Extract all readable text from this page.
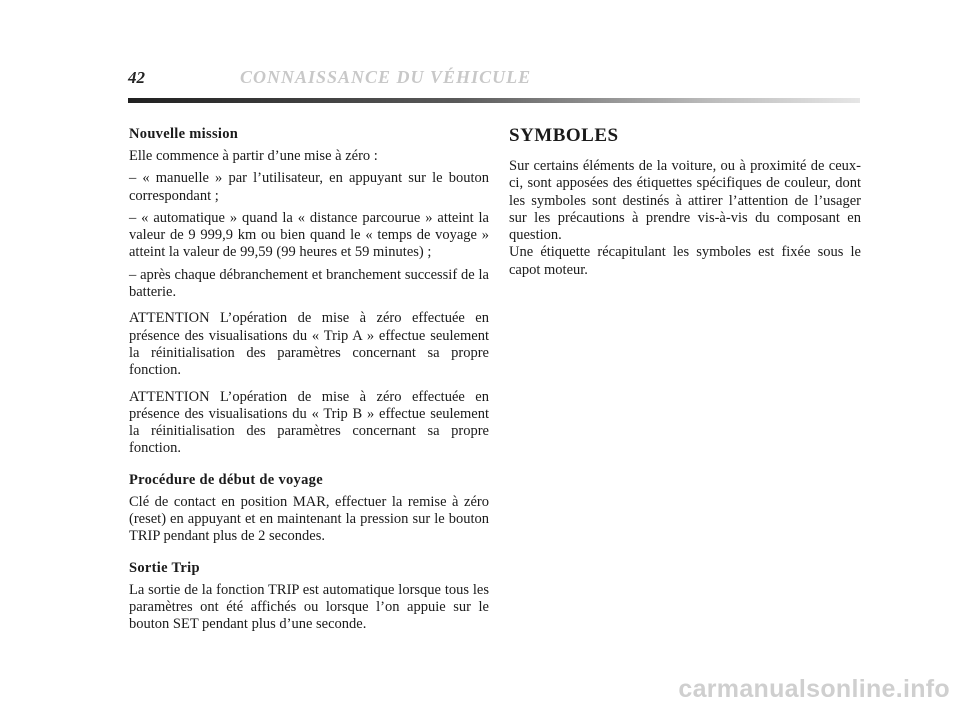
42	CONNAISSANCE DU VÉHICULE
Nouvelle mission

Elle commence à partir d’une mise à zéro :

– « manuelle » par l’utilisateur, en appuyant sur le bouton correspondant ;

– « automatique » quand la « distance parcourue » atteint la valeur de 9 999,9 km ou bien quand le « temps de voyage » atteint la valeur de 99,59 (99 heures et 59 minutes) ;

– après chaque débranchement et branchement successif de la batterie.

ATTENTION L’opération de mise à zéro effectuée en présence des visualisations du « Trip A » effectue seulement la réinitialisation des paramètres concernant sa propre fonction.

ATTENTION L’opération de mise à zéro effectuée en présence des visualisations du « Trip B » effectue seulement la réinitialisation des paramètres concernant sa propre fonction.

Procédure de début de voyage

Clé de contact en position MAR, effectuer la remise à zéro (reset) en appuyant et en maintenant la pression sur le bouton TRIP pendant plus de 2 secondes.

Sortie Trip

La sortie de la fonction TRIP est automatique lorsque tous les paramètres ont été affichés ou lorsque l’on appuie sur le bouton SET pendant plus d’une seconde.

SYMBOLES

Sur certains éléments de la voiture, ou à proximité de ceux-ci, sont apposées des étiquettes spécifiques de couleur, dont les symboles sont destinés à attirer l’attention de l’usager sur les précautions à prendre vis-à-vis du composant en question.

Une étiquette récapitulant les symboles est fixée sous le capot moteur.

carmanualsonline.info
